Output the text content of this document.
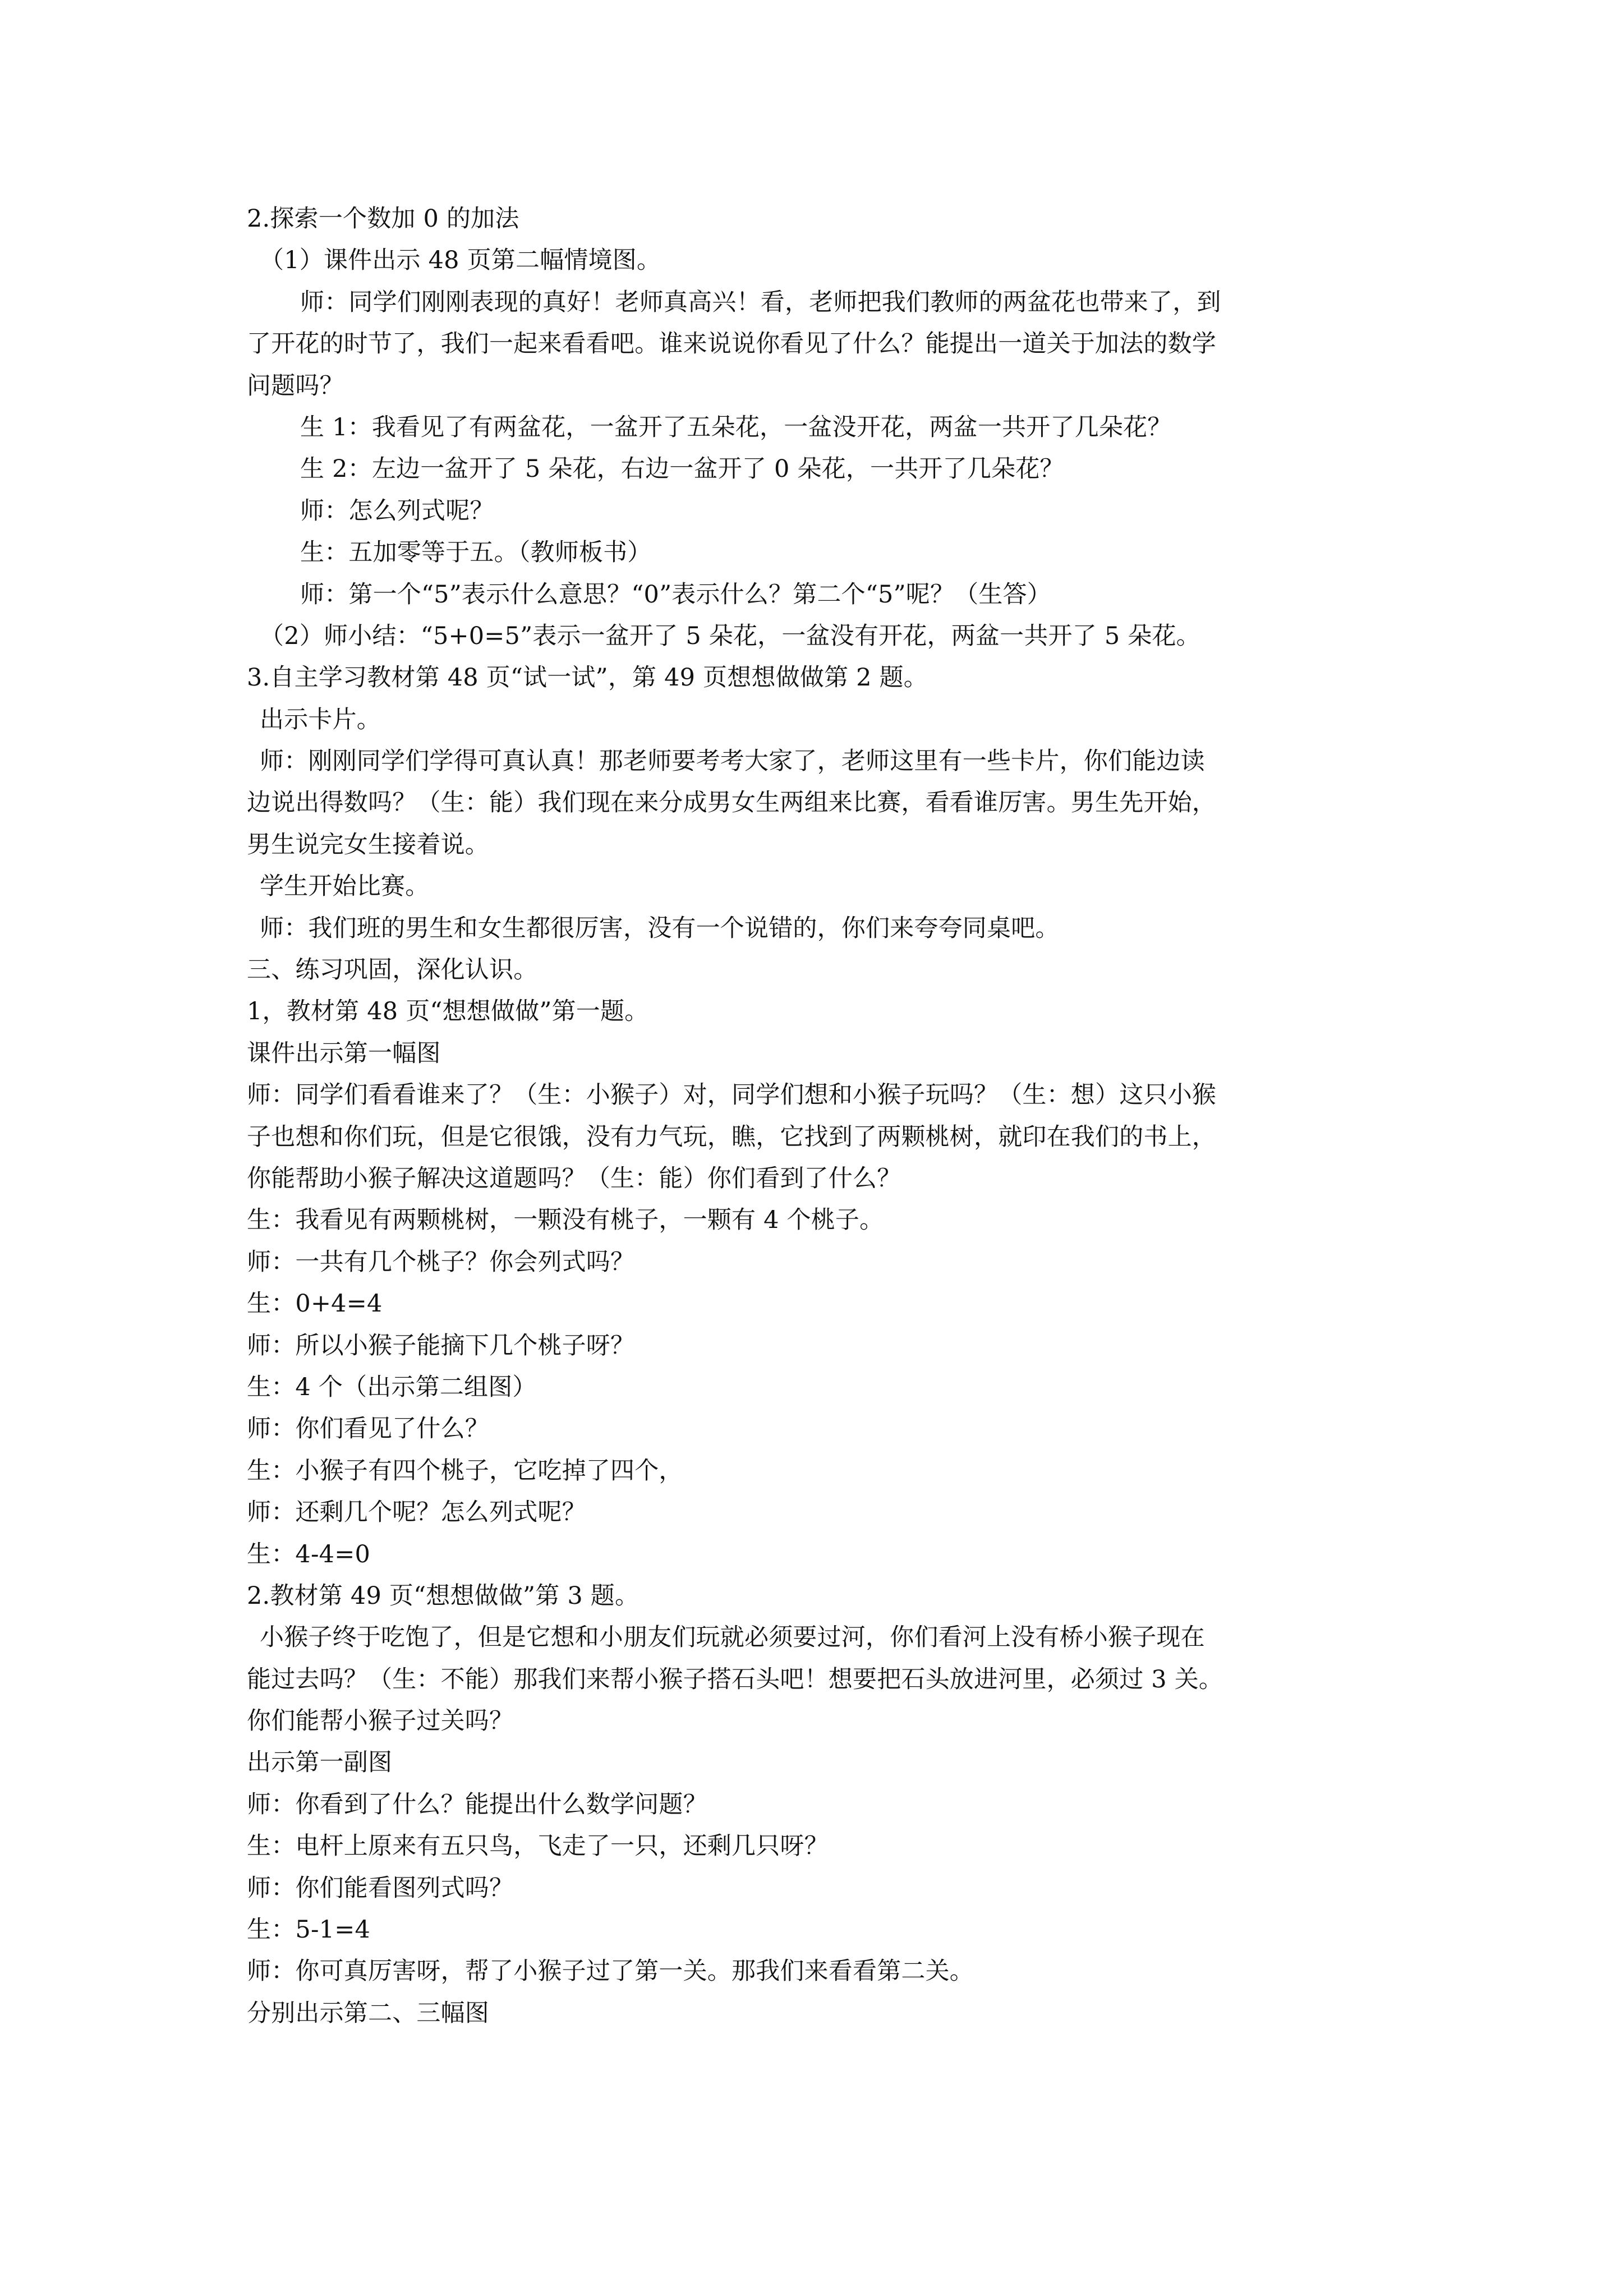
2.探索一个数加 0 的加法
（1）课件出示 48 页第二幅情境图。
师：同学们刚刚表现的真好！老师真高兴！看，老师把我们教师的两盆花也带来了，到
了开花的时节了，我们一起来看看吧。谁来说说你看见了什么？能提出一道关于加法的数学
问题吗？
生 1：我看见了有两盆花，一盆开了五朵花，一盆没开花，两盆一共开了几朵花？
生 2：左边一盆开了 5 朵花，右边一盆开了 0 朵花，一共开了几朵花？
师：怎么列式呢？
生：五加零等于五。（教师板书）
师：第一个“5”表示什么意思？“0”表示什么？第二个“5”呢？（生答）
（2）师小结：“5+0=5”表示一盆开了 5 朵花，一盆没有开花，两盆一共开了 5 朵花。
3.自主学习教材第 48 页“试一试”，第 49 页想想做做第 2 题。
出示卡片。
师：刚刚同学们学得可真认真！那老师要考考大家了，老师这里有一些卡片，你们能边读
边说出得数吗？（生：能）我们现在来分成男女生两组来比赛，看看谁厉害。男生先开始，
男生说完女生接着说。
学生开始比赛。
师：我们班的男生和女生都很厉害，没有一个说错的，你们来夸夸同桌吧。
三、练习巩固，深化认识。
1，教材第 48 页“想想做做”第一题。
课件出示第一幅图
师：同学们看看谁来了？（生：小猴子）对，同学们想和小猴子玩吗？（生：想）这只小猴
子也想和你们玩，但是它很饿，没有力气玩，瞧，它找到了两颗桃树，就印在我们的书上，
你能帮助小猴子解决这道题吗？（生：能）你们看到了什么？
生：我看见有两颗桃树，一颗没有桃子，一颗有 4 个桃子。
师：一共有几个桃子？你会列式吗？
生：0+4=4
师：所以小猴子能摘下几个桃子呀？
生：4 个（出示第二组图）
师：你们看见了什么？
生：小猴子有四个桃子，它吃掉了四个，
师：还剩几个呢？怎么列式呢？
生：4-4=0
2.教材第 49 页“想想做做”第 3 题。
小猴子终于吃饱了，但是它想和小朋友们玩就必须要过河，你们看河上没有桥小猴子现在
能过去吗？（生：不能）那我们来帮小猴子搭石头吧！想要把石头放进河里，必须过 3 关。
你们能帮小猴子过关吗？
出示第一副图
师：你看到了什么？能提出什么数学问题？
生：电杆上原来有五只鸟，飞走了一只，还剩几只呀？
师：你们能看图列式吗？
生：5-1=4
师：你可真厉害呀，帮了小猴子过了第一关。那我们来看看第二关。
分别出示第二、三幅图
